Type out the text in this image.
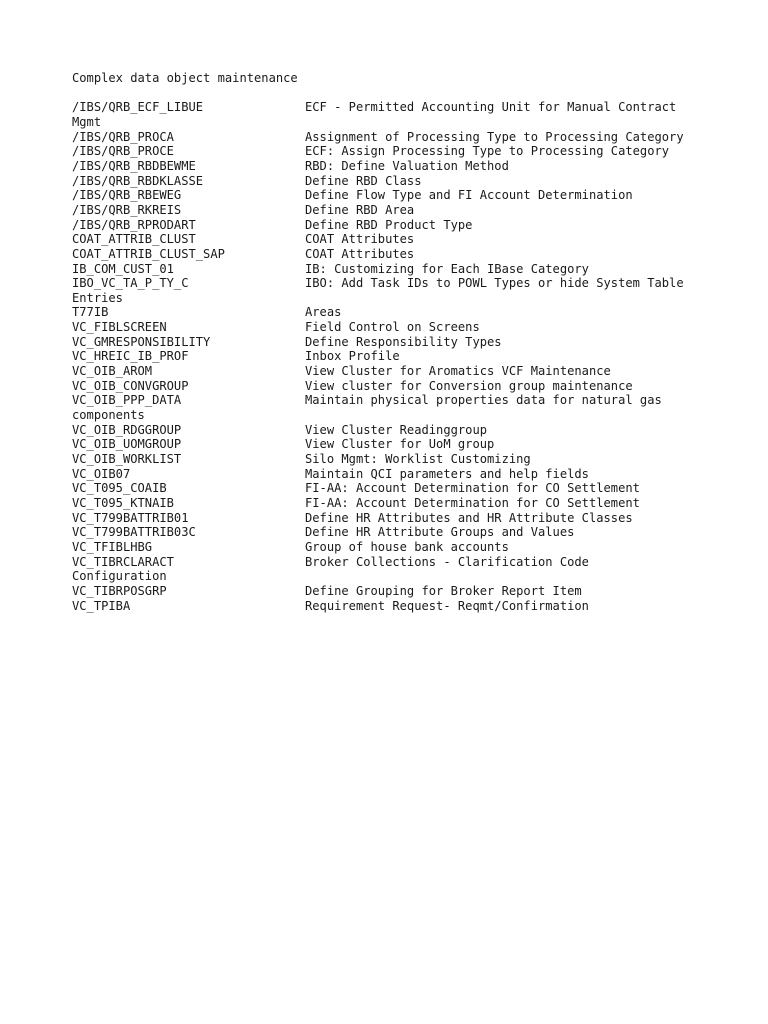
Complex data object maintenance
/IBS/QRB_ECF_LIBUE	ECF - Permitted Accounting Unit for Manual Contract
Mgmt
/IBS/QRB_PROCA	Assignment of Processing Type to Processing Category
/IBS/QRB_PROCE	ECF: Assign Processing Type to Processing Category
/IBS/QRB_RBDBEWME	RBD: Define Valuation Method
/IBS/QRB_RBDKLASSE	Define RBD Class
/IBS/QRB_RBEWEG	Define Flow Type and FI Account Determination
/IBS/QRB_RKREIS	Define RBD Area
/IBS/QRB_RPRODART	Define RBD Product Type
COAT_ATTRIB_CLUST	COAT Attributes
COAT_ATTRIB_CLUST_SAP	COAT Attributes
IB_COM_CUST_01	IB: Customizing for Each IBase Category
IBO_VC_TA_P_TY_C	IBO: Add Task IDs to POWL Types or hide System Table
Entries
T77IB	Areas
VC_FIBLSCREEN	Field Control on Screens
VC_GMRESPONSIBILITY	Define Responsibility Types
VC_HREIC_IB_PROF	Inbox Profile
VC_OIB_AROM	View Cluster for Aromatics VCF Maintenance
VC_OIB_CONVGROUP	View cluster for Conversion group maintenance
VC_OIB_PPP_DATA	Maintain physical properties data for natural gas
components
VC_OIB_RDGGROUP	View Cluster Readinggroup
VC_OIB_UOMGROUP	View Cluster for UoM group
VC_OIB_WORKLIST	Silo Mgmt: Worklist Customizing
VC_OIB07	Maintain QCI parameters and help fields
VC_T095_COAIB	FI-AA: Account Determination for CO Settlement
VC_T095_KTNAIB	FI-AA: Account Determination for CO Settlement
VC_T799BATTRIB01	Define HR Attributes and HR Attribute Classes
VC_T799BATTRIB03C	Define HR Attribute Groups and Values
VC_TFIBLHBG	Group of house bank accounts
VC_TIBRCLARACT	Broker Collections - Clarification Code
Configuration
VC_TIBRPOSGRP	Define Grouping for Broker Report Item
VC_TPIBA	Requirement Request- Reqmt/Confirmation
